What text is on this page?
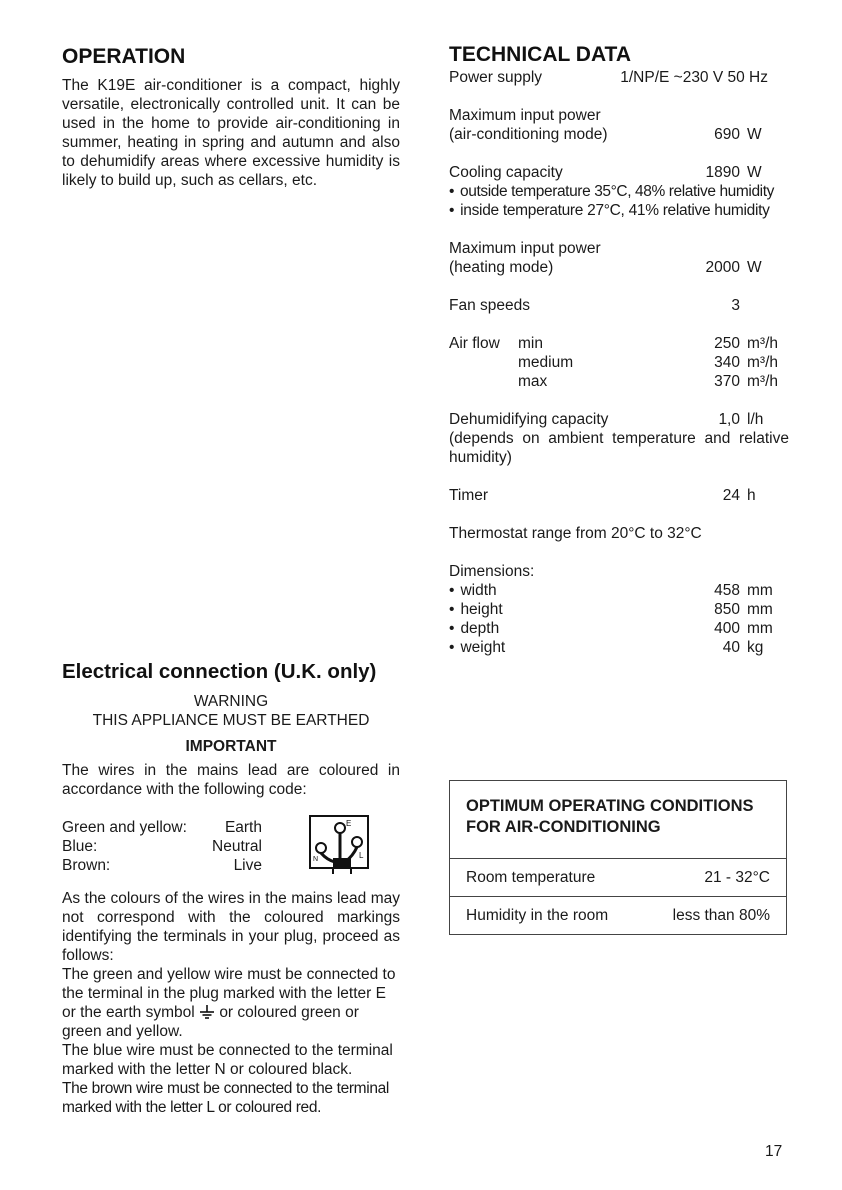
OPERATION

The K19E air-conditioner is a compact, highly versatile, electronically controlled unit. It can be used in the home to provide air-conditioning in summer, heating in spring and autumn and also to dehumidify areas where excessive humidity is likely to build up, such as cellars, etc.

TECHNICAL DATA
Power supply	1/NP/E ~230 V 50 Hz
Maximum input power
(air-conditioning mode)	690 W
Cooling capacity	1890 W
• outside temperature 35°C, 48% relative humidity
• inside temperature 27°C, 41% relative humidity
Maximum input power
(heating mode)	2000 W
Fan speeds	3
Air flow	min	250 m³/h
medium	340 m³/h
max	370 m³/h
Dehumidifying capacity	1,0 l/h
(depends on ambient temperature and relative humidity)
Timer	24 h
Thermostat range from 20°C to 32°C
Dimensions:
• width	458 mm
• height	850 mm
• depth	400 mm
• weight	40 kg
Electrical connection (U.K. only)
WARNING
THIS APPLIANCE MUST BE EARTHED
IMPORTANT
The wires in the mains lead are coloured in accordance with the following code:
Green and yellow:	Earth
Blue:	Neutral
Brown:	Live
E
N	L
As the colours of the wires in the mains lead may not correspond with the coloured markings identifying the terminals in your plug, proceed as follows:
The green and yellow wire must be connected to the terminal in the plug marked with the letter E or the earth symbol or coloured green or green and yellow.
The blue wire must be connected to the terminal marked with the letter N or coloured black.
The brown wire must be connected to the terminal marked with the letter L or coloured red.
OPTIMUM OPERATING CONDITIONS
FOR AIR-CONDITIONING
Room temperature	21 - 32°C
Humidity in the room	less than 80%
17
